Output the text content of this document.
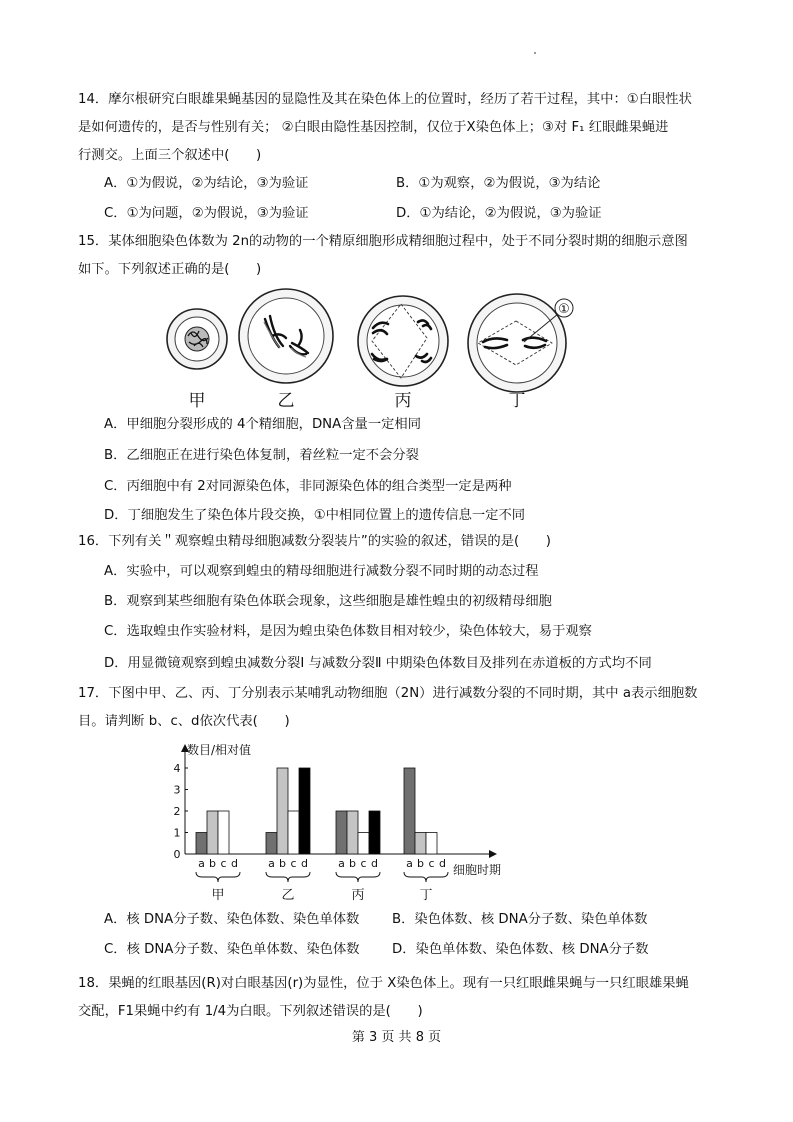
14．摩尔根研究白眼雄果蝇基因的显隐性及其在染色体上的位置时，经历了若干过程，其中：①白眼性状
是如何遗传的，是否与性别有关； ②白眼由隐性基因控制，仅位于X染色体上；③对 F₁ 红眼雌果蝇进
行测交。上面三个叙述中(　　)
A．①为假说，②为结论，③为验证	B．①为观察，②为假说，③为结论
C．①为问题，②为假说，③为验证	D．①为结论，②为假说，③为验证
15．某体细胞染色体数为 2n的动物的一个精原细胞形成精细胞过程中，处于不同分裂时期的细胞示意图
如下。下列叙述正确的是(　　)
①
甲	乙	丙	丁
A．甲细胞分裂形成的 4个精细胞，DNA含量一定相同
B．乙细胞正在进行染色体复制，着丝粒一定不会分裂
C．丙细胞中有 2对同源染色体，非同源染色体的组合类型一定是两种
D．丁细胞发生了染色体片段交换，①中相同位置上的遗传信息一定不同
16．下列有关＂观察蝗虫精母细胞减数分裂装片”的实验的叙述，错误的是(　　)
A．实验中，可以观察到蝗虫的精母细胞进行减数分裂不同时期的动态过程
B．观察到某些细胞有染色体联会现象，这些细胞是雄性蝗虫的初级精母细胞
C．选取蝗虫作实验材料，是因为蝗虫染色体数目相对较少，染色体较大，易于观察
D．用显微镜观察到蝗虫减数分裂Ⅰ 与减数分裂Ⅱ 中期染色体数目及排列在赤道板的方式均不同
17．下图中甲、乙、丙、丁分别表示某哺乳动物细胞（2N）进行减数分裂的不同时期，其中 a表示细胞数
目。请判断 b、c、d依次代表(　　)
数目/相对值
细胞时期
0
1
2
3
4
a b c d
甲
a b c d
乙
a b c d
丙
a b c d
丁
A．核 DNA分子数、染色体数、染色单体数 B．染色体数、核 DNA分子数、染色单体数
C．核 DNA分子数、染色单体数、染色体数 D．染色单体数、染色体数、核 DNA分子数
18．果蝇的红眼基因(R)对白眼基因(r)为显性，位于 X染色体上。现有一只红眼雌果蝇与一只红眼雄果蝇
交配，F1果蝇中约有 1/4为白眼。下列叙述错误的是(　　)
第 3 页 共 8 页
